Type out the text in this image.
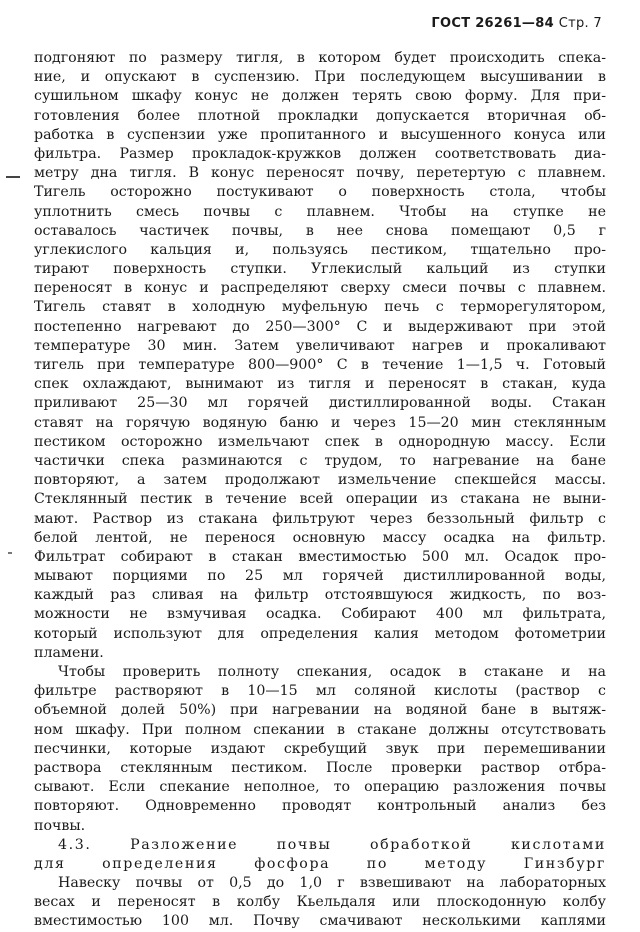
ГОСТ 26261—84 Стр. 7
подгоняют по размеру тигля, в котором будет происходить спека-
ние, и опускают в суспензию. При последующем высушивании в
сушильном шкафу конус не должен терять свою форму. Для при-
готовления более плотной прокладки допускается вторичная об-
работка в суспензии уже пропитанного и высушенного конуса или
фильтра. Размер прокладок-кружков должен соответствовать диа-
метру дна тигля. В конус переносят почву, перетертую с плавнем.
Тигель осторожно постукивают о поверхность стола, чтобы
уплотнить смесь почвы с плавнем. Чтобы на ступке не
оставалось частичек почвы, в нее снова помещают 0,5 г
углекислого кальция и, пользуясь пестиком, тщательно про-
тирают поверхность ступки. Углекислый кальций из ступки
переносят в конус и распределяют сверху смеси почвы с плавнем.
Тигель ставят в холодную муфельную печь с терморегулятором,
постепенно нагревают до 250—300° С и выдерживают при этой
температуре 30 мин. Затем увеличивают нагрев и прокаливают
тигель при температуре 800—900° С в течение 1—1,5 ч. Готовый
спек охлаждают, вынимают из тигля и переносят в стакан, куда
приливают 25—30 мл горячей дистиллированной воды. Стакан
ставят на горячую водяную баню и через 15—20 мин стеклянным
пестиком осторожно измельчают спек в однородную массу. Если
частички спека разминаются с трудом, то нагревание на бане
повторяют, а затем продолжают измельчение спекшейся массы.
Стеклянный пестик в течение всей операции из стакана не выни-
мают. Раствор из стакана фильтруют через беззольный фильтр с
белой лентой, не перенося основную массу осадка на фильтр.
Фильтрат собирают в стакан вместимостью 500 мл. Осадок про-
мывают порциями по 25 мл горячей дистиллированной воды,
каждый раз сливая на фильтр отстоявшуюся жидкость, по воз-
можности не взмучивая осадка. Собирают 400 мл фильтрата,
который используют для определения калия методом фотометрии
пламени.
Чтобы проверить полноту спекания, осадок в стакане и на
фильтре растворяют в 10—15 мл соляной кислоты (раствор с
объемной долей 50%) при нагревании на водяной бане в вытяж-
ном шкафу. При полном спекании в стакане должны отсутствовать
песчинки, которые издают скребущий звук при перемешивании
раствора стеклянным пестиком. После проверки раствор отбра-
сывают. Если спекание неполное, то операцию разложения почвы
повторяют. Одновременно проводят контрольный анализ без
почвы.
4.3. Разложение почвы обработкой кислотами
для определения фосфора по методу Гинзбург
Навеску почвы от 0,5 до 1,0 г взвешивают на лабораторных
весах и переносят в колбу Кьельдаля или плоскодонную колбу
вместимостью 100 мл. Почву смачивают несколькими каплями
